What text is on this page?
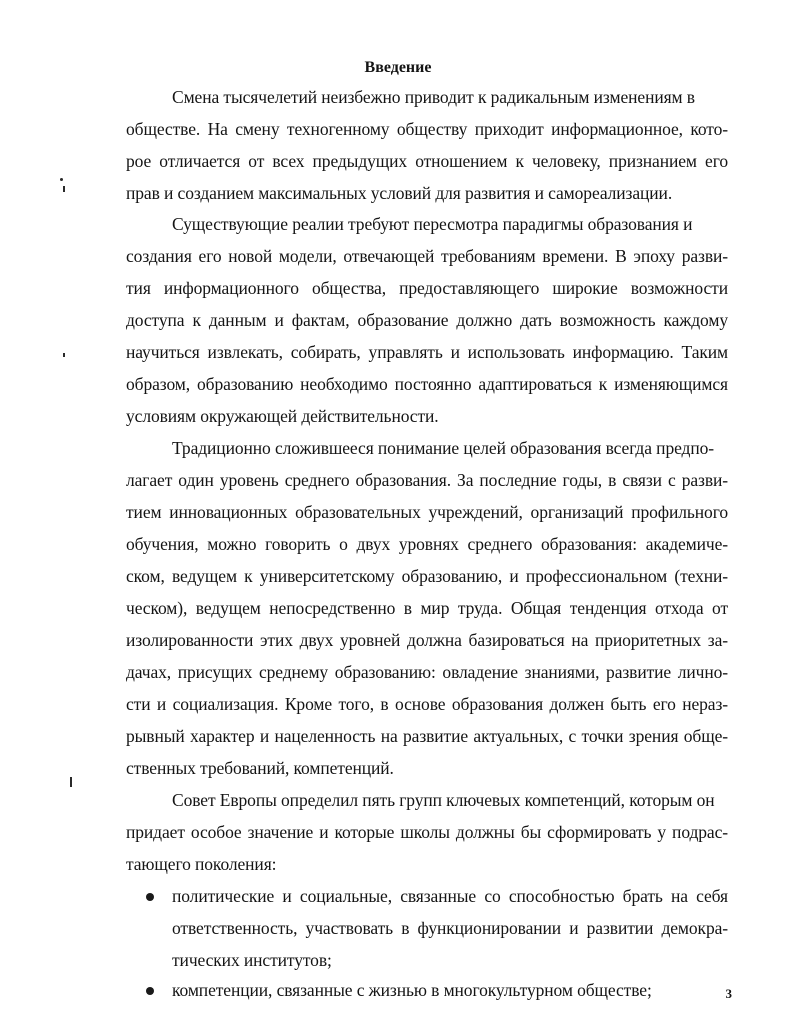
Введение
Смена тысячелетий неизбежно приводит к радикальным изменениям в
обществе. На смену техногенному обществу приходит информационное, кото-
рое отличается от всех предыдущих отношением к человеку, признанием его
прав и созданием максимальных условий для развития и самореализации.
Существующие реалии требуют пересмотра парадигмы образования и
создания его новой модели, отвечающей требованиям времени. В эпоху разви-
тия информационного общества, предоставляющего широкие возможности
доступа к данным и фактам, образование должно дать возможность каждому
научиться извлекать, собирать, управлять и использовать информацию. Таким
образом, образованию необходимо постоянно адаптироваться к изменяющимся
условиям окружающей действительности.
Традиционно сложившееся понимание целей образования всегда предпо-
лагает один уровень среднего образования. За последние годы, в связи с разви-
тием инновационных образовательных учреждений, организаций профильного
обучения, можно говорить о двух уровнях среднего образования: академиче-
ском, ведущем к университетскому образованию, и профессиональном (техни-
ческом), ведущем непосредственно в мир труда. Общая тенденция отхода от
изолированности этих двух уровней должна базироваться на приоритетных за-
дачах, присущих среднему образованию: овладение знаниями, развитие лично-
сти и социализация. Кроме того, в основе образования должен быть его нераз-
рывный характер и нацеленность на развитие актуальных, с точки зрения обще-
ственных требований, компетенций.
Совет Европы определил пять групп ключевых компетенций, которым он
придает особое значение и которые школы должны бы сформировать у подрас-
тающего поколения:
политические и социальные, связанные со способностью брать на себя
ответственность, участвовать в функционировании и развитии демокра-
тических институтов;
компетенции, связанные с жизнью в многокультурном обществе;	3
